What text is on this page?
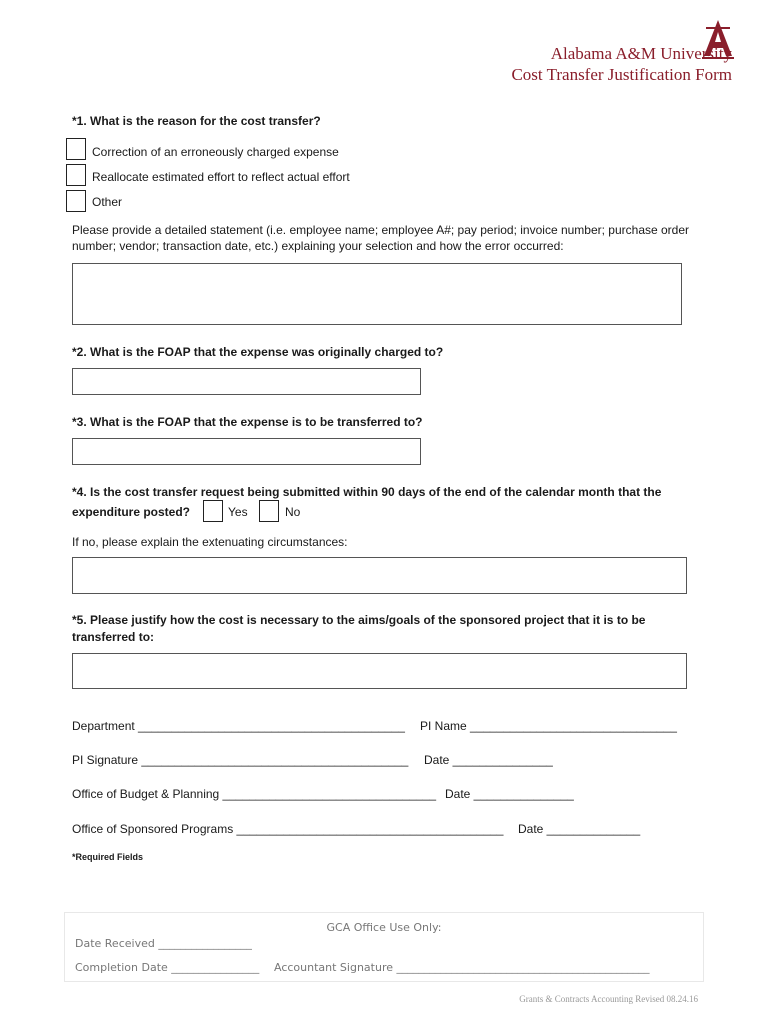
Alabama A&M University
Cost Transfer Justification Form
*1. What is the reason for the cost transfer?
Correction of an erroneously charged expense
Reallocate estimated effort to reflect actual effort
Other
Please provide a detailed statement (i.e. employee name; employee A#; pay period; invoice number; purchase order
number; vendor; transaction date, etc.) explaining your selection and how the error occurred:
*2. What is the FOAP that the expense was originally charged to?
*3. What is the FOAP that the expense is to be transferred to?
*4. Is the cost transfer request being submitted within 90 days of the end of the calendar month that the
expenditure posted?	Yes	No
If no, please explain the extenuating circumstances:
*5. Please justify how the cost is necessary to the aims/goals of the sponsored project that it is to be
transferred to:
Department ________________________________________ PI Name _______________________________
PI Signature ________________________________________ Date _______________
Office of Budget & Planning ________________________________ Date _______________
Office of Sponsored Programs ________________________________________ Date ______________
*Required Fields
GCA Office Use Only:
Date Received _________________
Completion Date ________________ Accountant Signature ______________________________________________
Grants & Contracts Accounting Revised 08.24.16
